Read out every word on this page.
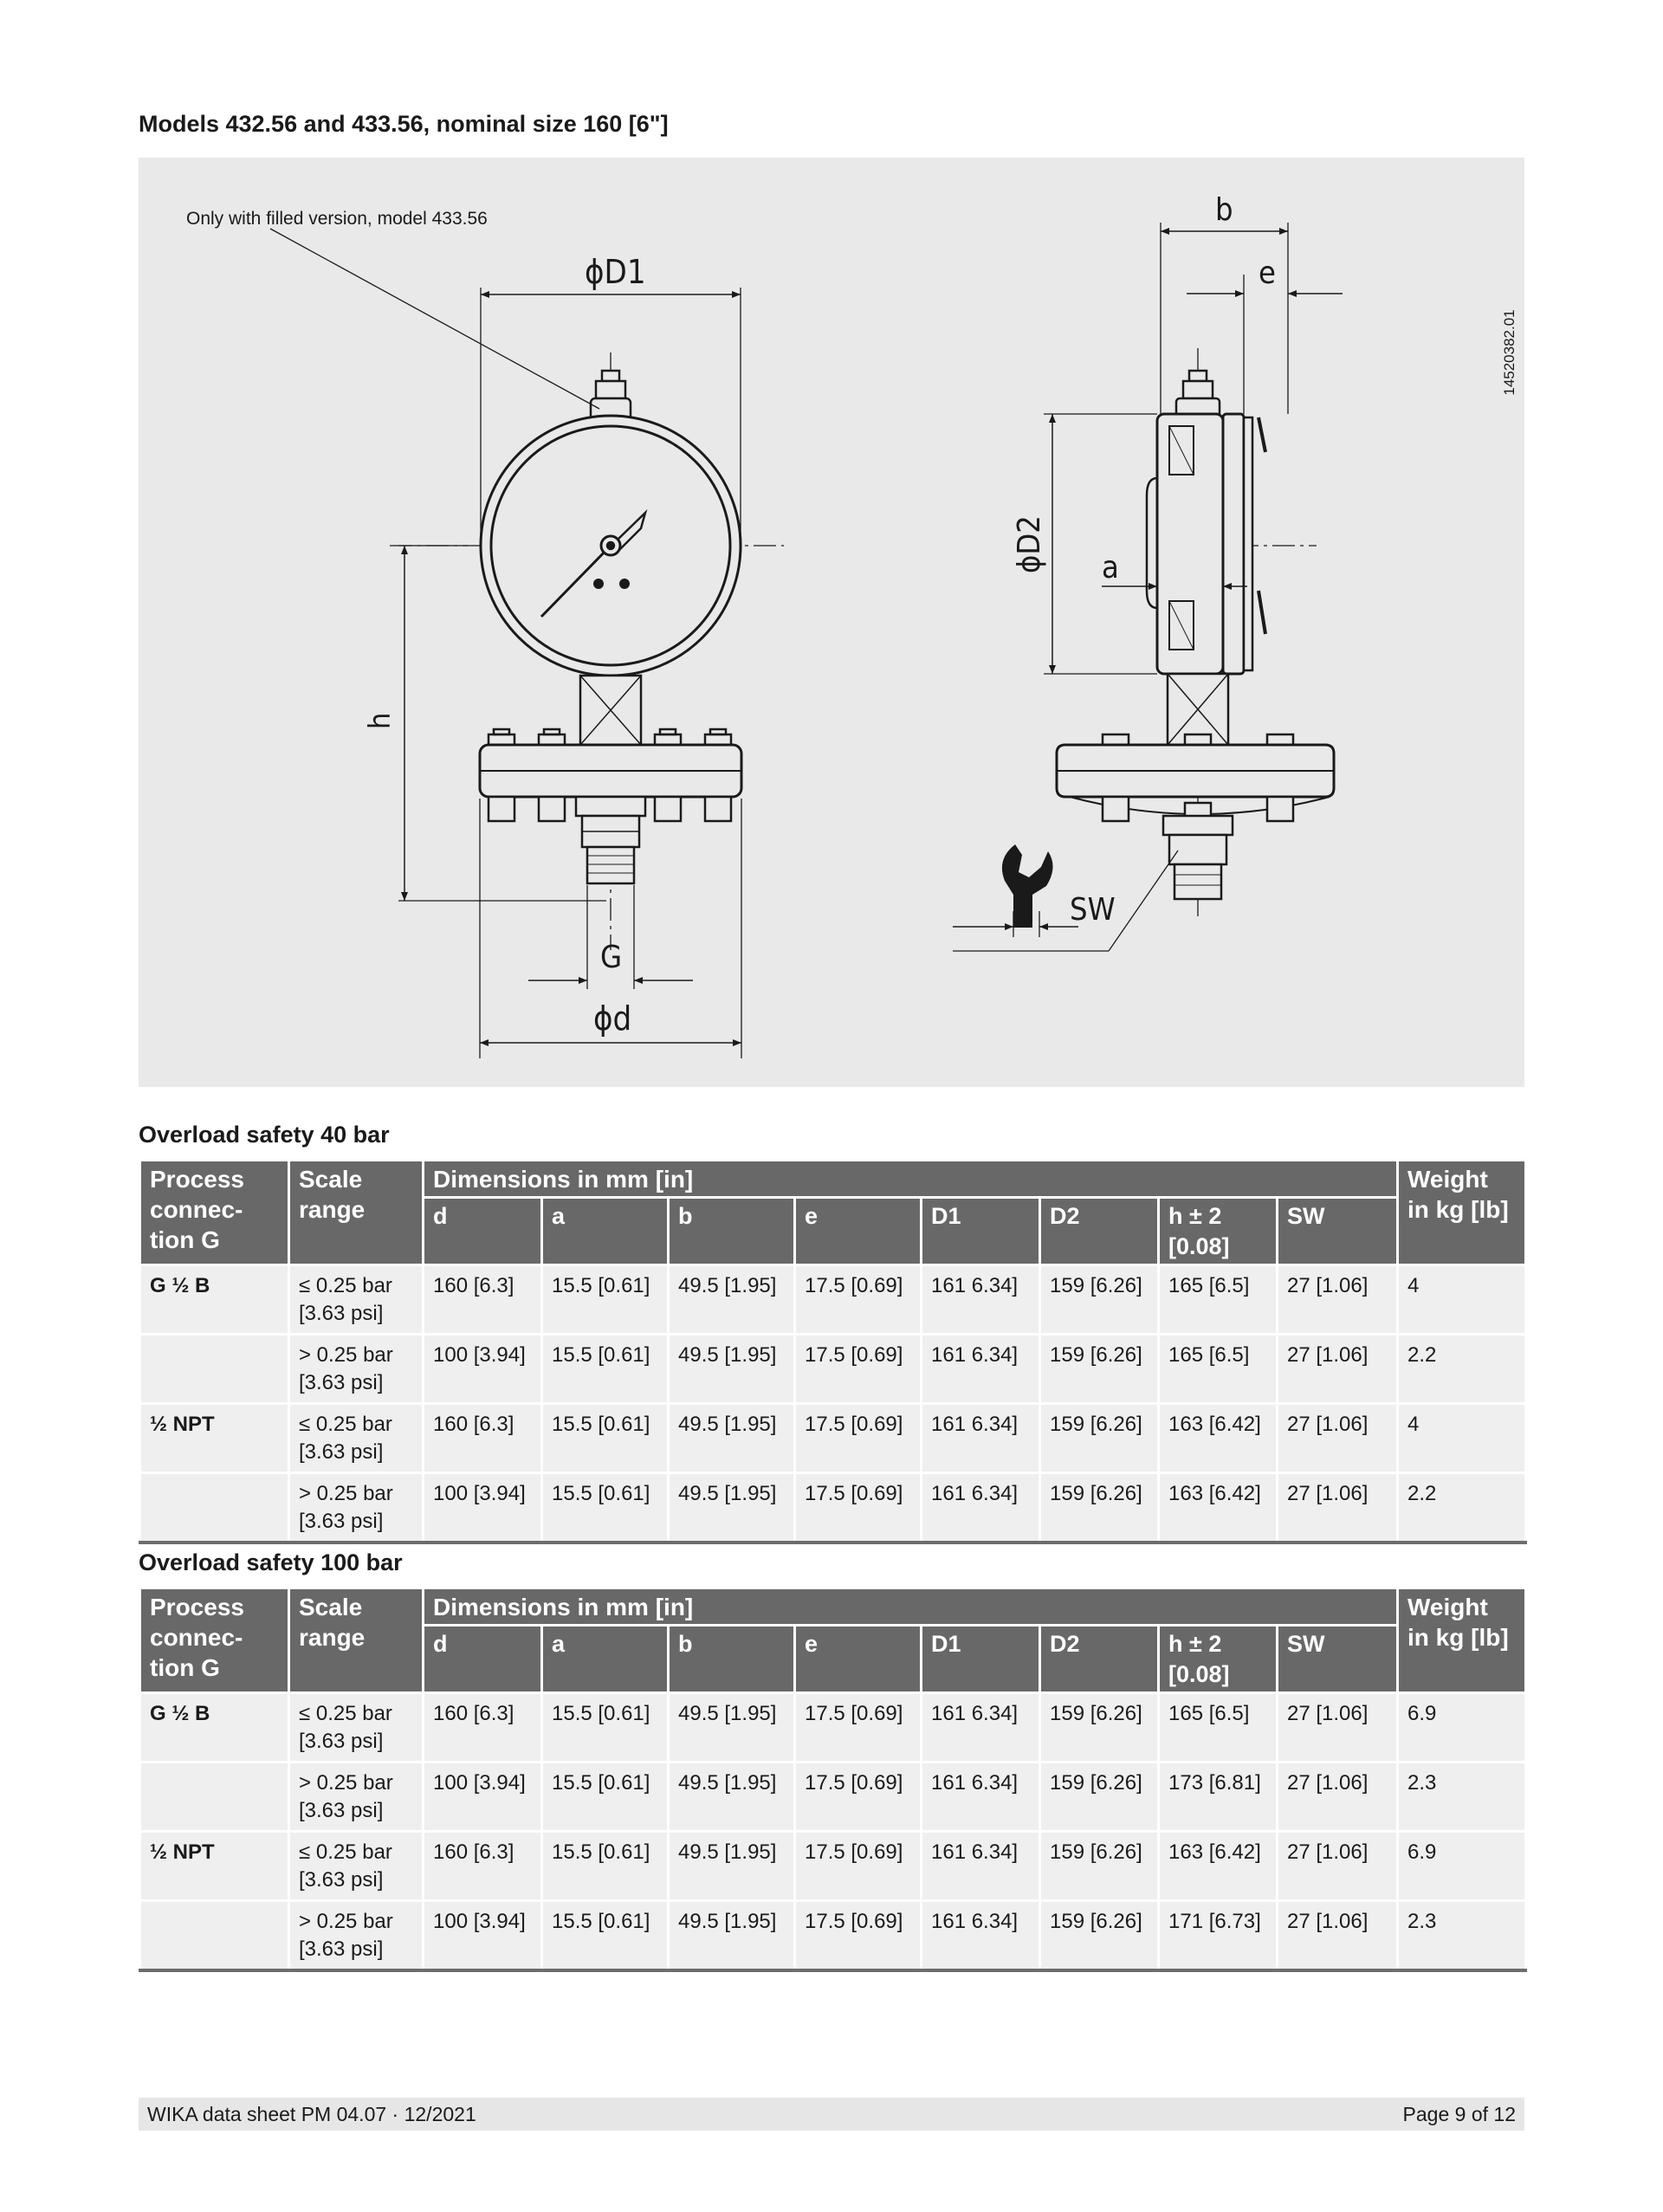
Models 432.56 and 433.56, nominal size 160 [6"]
Only with filled version, model 433.56
ϕD1
h
G
ϕd
b
e
ϕD2 a
SW
14520382.01
Overload safety 40 bar
Process connec-tion G	Scale range	Dimensions in mm [in]								Weight in kg [lb]
		d	a	b	e	D1	D2	h ± 2 [0.08]	SW	
G ½ B	≤ 0.25 bar [3.63 psi]	160 [6.3]	15.5 [0.61]	49.5 [1.95]	17.5 [0.69]	161 6.34]	159 [6.26]	165 [6.5]	27 [1.06]	4
	> 0.25 bar [3.63 psi]	100 [3.94]	15.5 [0.61]	49.5 [1.95]	17.5 [0.69]	161 6.34]	159 [6.26]	165 [6.5]	27 [1.06]	2.2
½ NPT	≤ 0.25 bar [3.63 psi]	160 [6.3]	15.5 [0.61]	49.5 [1.95]	17.5 [0.69]	161 6.34]	159 [6.26]	163 [6.42]	27 [1.06]	4
	> 0.25 bar [3.63 psi]	100 [3.94]	15.5 [0.61]	49.5 [1.95]	17.5 [0.69]	161 6.34]	159 [6.26]	163 [6.42]	27 [1.06]	2.2
Overload safety 100 bar
Process connec-tion G	Scale range	Dimensions in mm [in]								Weight in kg [lb]
		d	a	b	e	D1	D2	h ± 2 [0.08]	SW	
G ½ B	≤ 0.25 bar [3.63 psi]	160 [6.3]	15.5 [0.61]	49.5 [1.95]	17.5 [0.69]	161 6.34]	159 [6.26]	165 [6.5]	27 [1.06]	6.9
	> 0.25 bar [3.63 psi]	100 [3.94]	15.5 [0.61]	49.5 [1.95]	17.5 [0.69]	161 6.34]	159 [6.26]	173 [6.81]	27 [1.06]	2.3
½ NPT	≤ 0.25 bar [3.63 psi]	160 [6.3]	15.5 [0.61]	49.5 [1.95]	17.5 [0.69]	161 6.34]	159 [6.26]	163 [6.42]	27 [1.06]	6.9
	> 0.25 bar [3.63 psi]	100 [3.94]	15.5 [0.61]	49.5 [1.95]	17.5 [0.69]	161 6.34]	159 [6.26]	171 [6.73]	27 [1.06]	2.3
WIKA data sheet PM 04.07 · 12/2021	Page 9 of 12
